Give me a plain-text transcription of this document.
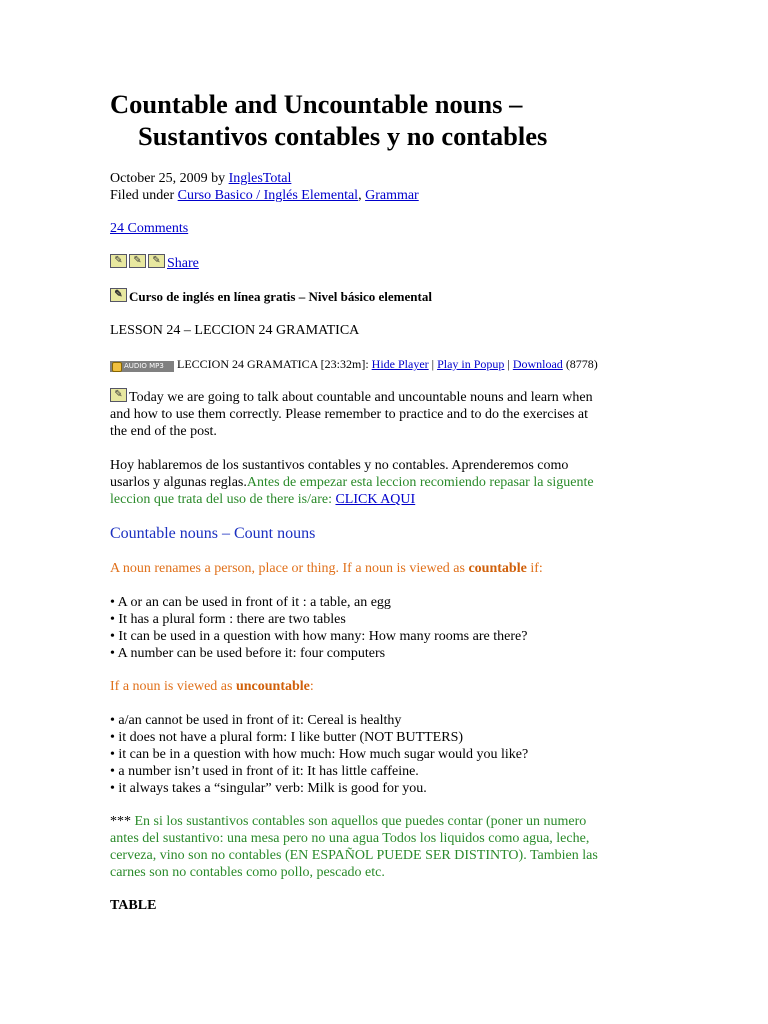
Countable and Uncountable nouns –
Sustantivos contables y no contables
October 25, 2009 by InglesTotal
Filed under Curso Basico / Inglés Elemental, Grammar
24 Comments
✎ ✎ ✎ Share
✎ Curso de inglés en línea gratis – Nivel básico elemental
LESSON 24 – LECCION 24 GRAMATICA
AUDIO MP3 LECCION 24 GRAMATICA [23:32m]: Hide Player | Play in Popup | Download (8778)
✎ Today we are going to talk about countable and uncountable nouns and learn when
and how to use them correctly. Please remember to practice and to do the exercises at
the end of the post.
Hoy hablaremos de los sustantivos contables y no contables. Aprenderemos como
usarlos y algunas reglas.Antes de empezar esta leccion recomiendo repasar la siguente
leccion que trata del uso de there is/are: CLICK AQUI
Countable nouns – Count nouns
A noun renames a person, place or thing. If a noun is viewed as countable if:
• A or an can be used in front of it : a table, an egg
• It has a plural form : there are two tables
• It can be used in a question with how many: How many rooms are there?
• A number can be used before it: four computers
If a noun is viewed as uncountable:
• a/an cannot be used in front of it: Cereal is healthy
• it does not have a plural form: I like butter (NOT BUTTERS)
• it can be in a question with how much: How much sugar would you like?
• a number isn’t used in front of it: It has little caffeine.
• it always takes a “singular” verb: Milk is good for you.
*** En si los sustantivos contables son aquellos que puedes contar (poner un numero
antes del sustantivo: una mesa pero no una agua Todos los liquidos como agua, leche,
cerveza, vino son no contables (EN ESPAÑOL PUEDE SER DISTINTO). Tambien las
carnes son no contables como pollo, pescado etc.
TABLE
